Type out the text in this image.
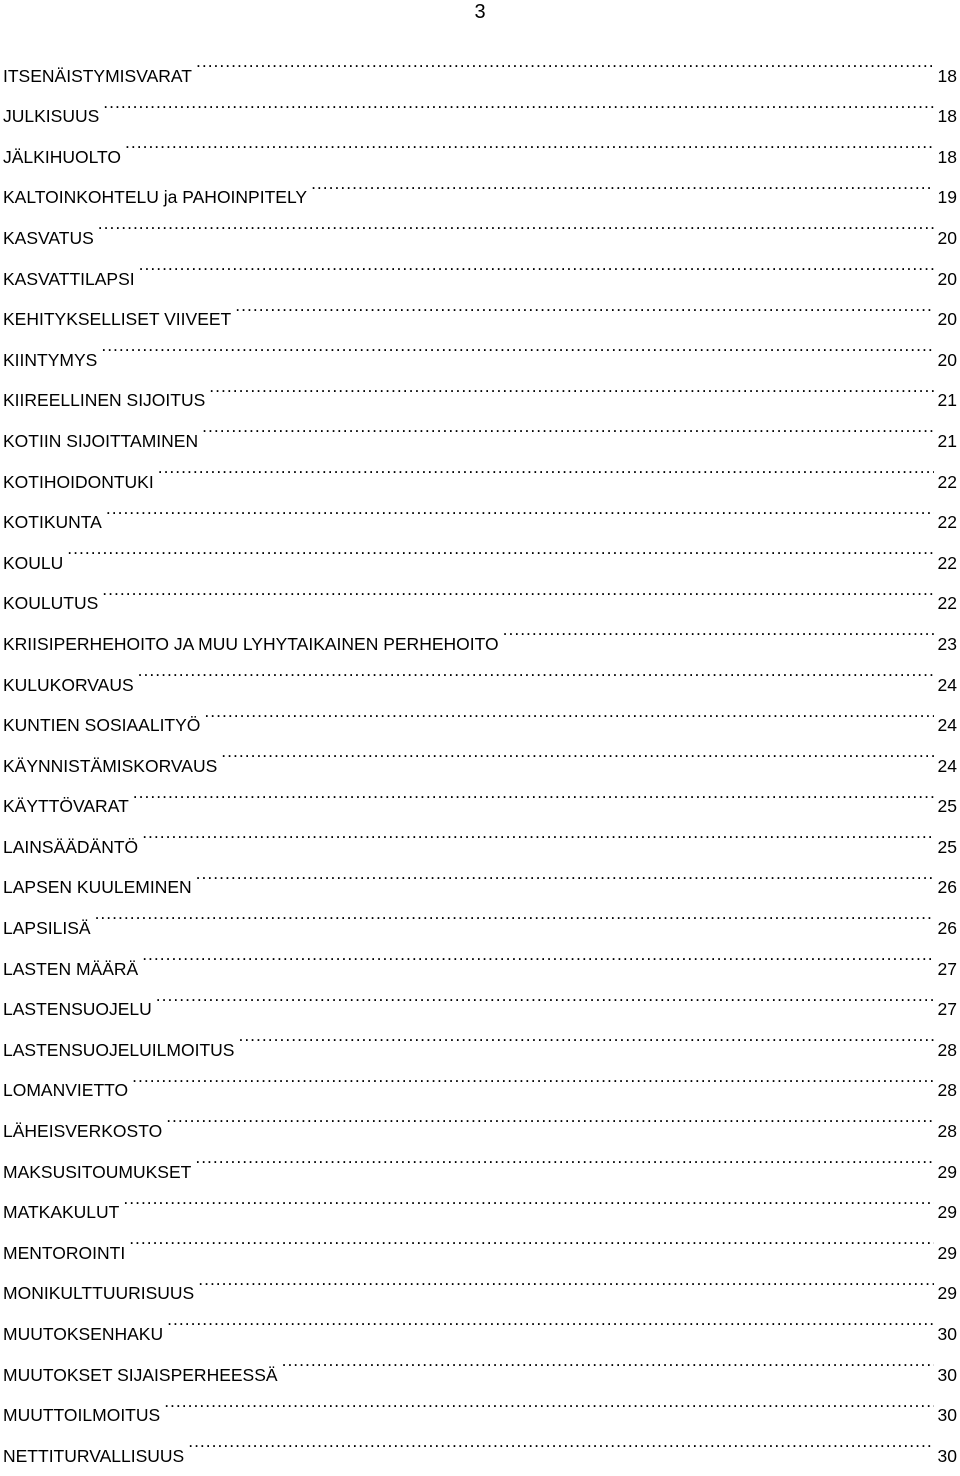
3
ITSENÄISTYMISVARAT .....	18
JULKISUUS .....	18
JÄLKIHUOLTO .....	18
KALTOINKOHTELU ja PAHOINPITELY .....	19
KASVATUS .....	20
KASVATTILAPSI .....	20
KEHITYKSELLISET VIIVEET .....	20
KIINTYMYS .....	20
KIIREELLINEN SIJOITUS .....	21
KOTIIN SIJOITTAMINEN .....	21
KOTIHOIDONTUKI .....	22
KOTIKUNTA .....	22
KOULU .....	22
KOULUTUS .....	22
KRIISIPERHEHOITO JA MUU LYHYTAIKAINEN PERHEHOITO .....	23
KULUKORVAUS .....	24
KUNTIEN SOSIAALITYÖ .....	24
KÄYNNISTÄMISKORVAUS .....	24
KÄYTTÖVARAT .....	25
LAINSÄÄDÄNTÖ .....	25
LAPSEN KUULEMINEN .....	26
LAPSILISÄ .....	26
LASTEN MÄÄRÄ .....	27
LASTENSUOJELU .....	27
LASTENSUOJELUILMOITUS .....	28
LOMANVIETTO .....	28
LÄHEISVERKOSTO .....	28
MAKSUSITOUMUKSET .....	29
MATKAKULUT .....	29
MENTOROINTI .....	29
MONIKULTTUURISUUS .....	29
MUUTOKSENHAKU .....	30
MUUTOKSET SIJAISPERHEESSÄ .....	30
MUUTTOILMOITUS .....	30
NETTITURVALLISUUS .....	30
